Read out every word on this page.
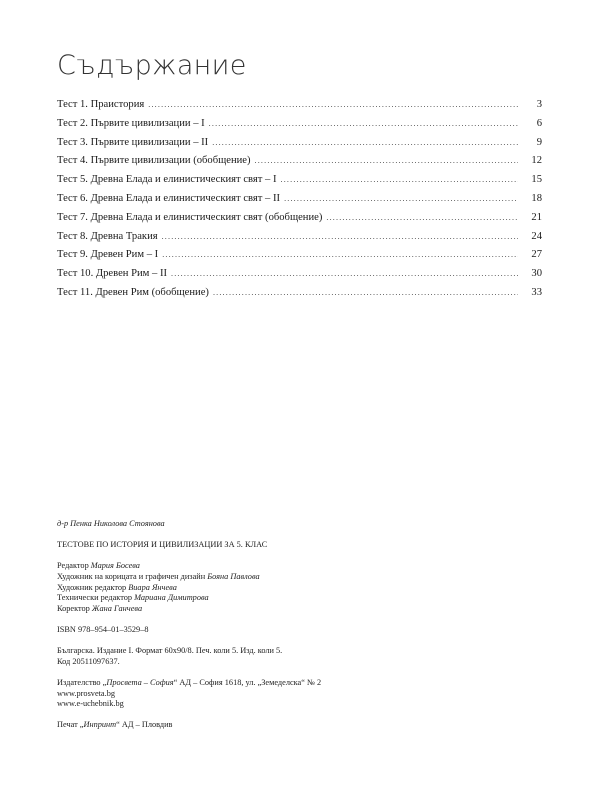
Съдържание
Тест 1. Праистория .....	3
Тест 2. Първите цивилизации – I .....	6
Тест 3. Първите цивилизации – II .....	9
Тест 4. Първите цивилизации (обобщение) .....	12
Тест 5. Древна Елада и елинистическият свят – I .....	15
Тест 6. Древна Елада и елинистическият свят – II .....	18
Тест 7. Древна Елада и елинистическият свят (обобщение) .....	21
Тест 8. Древна Тракия .....	24
Тест 9. Древен Рим – I .....	27
Тест 10. Древен Рим – II .....	30
Тест 11. Древен Рим (обобщение) .....	33

д-р Пенка Николова Стоянова

ТЕСТОВЕ ПО ИСТОРИЯ И ЦИВИЛИЗАЦИИ ЗА 5. КЛАС

Редактор Мария Босева

Художник на корицата и графичен дизайн Бояна Павлова

Художник редактор Виара Янчева

Технически редактор Мариана Димитрова

Коректор Жана Ганчева

ISBN 978–954–01–3529–8

Българска. Издание I. Формат 60х90/8. Печ. коли 5. Изд. коли 5.

Код 20511097637.

Издателство „Просвета – София“ АД – София 1618, ул. „Земеделска“ № 2

www.prosveta.bg

www.e-uchebnik.bg

Печат „Инпринт“ АД – Пловдив
